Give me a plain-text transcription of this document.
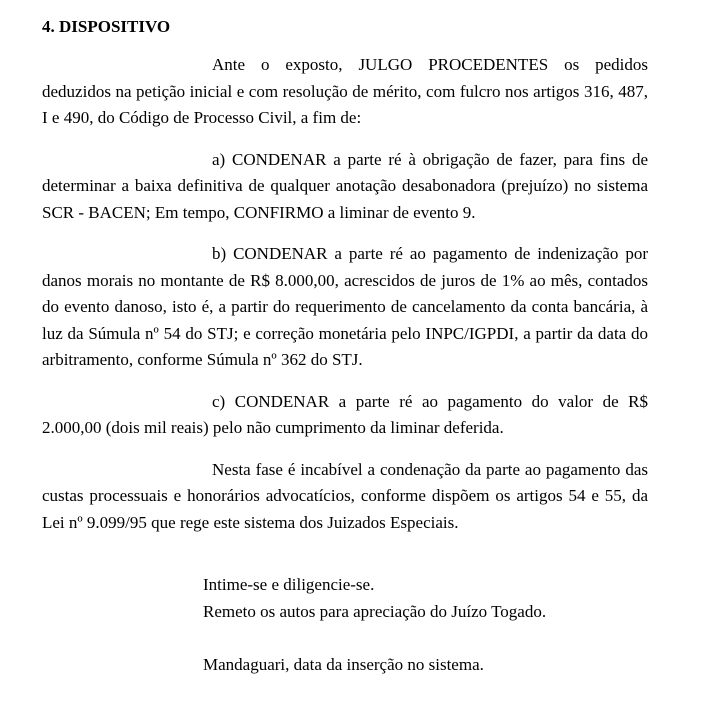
4. DISPOSITIVO

Ante o exposto, JULGO PROCEDENTES os pedidos deduzidos na petição inicial e com resolução de mérito, com fulcro nos artigos 316, 487, I e 490, do Código de Processo Civil, a fim de:

a) CONDENAR a parte ré à obrigação de fazer, para fins de determinar a baixa definitiva de qualquer anotação desabonadora (prejuízo) no sistema SCR - BACEN; Em tempo, CONFIRMO a liminar de evento 9.

b) CONDENAR a parte ré ao pagamento de indenização por danos morais no montante de R$ 8.000,00, acrescidos de juros de 1% ao mês, contados do evento danoso, isto é, a partir do requerimento de cancelamento da conta bancária, à luz da Súmula nº 54 do STJ; e correção monetária pelo INPC/IGPDI, a partir da data do arbitramento, conforme Súmula nº 362 do STJ.

c) CONDENAR a parte ré ao pagamento do valor de R$ 2.000,00 (dois mil reais) pelo não cumprimento da liminar deferida.

Nesta fase é incabível a condenação da parte ao pagamento das custas processuais e honorários advocatícios, conforme dispõem os artigos 54 e 55, da Lei nº 9.099/95 que rege este sistema dos Juizados Especiais.

Intime-se e diligencie-se.

Remeto os autos para apreciação do Juízo Togado.

Mandaguari, data da inserção no sistema.
